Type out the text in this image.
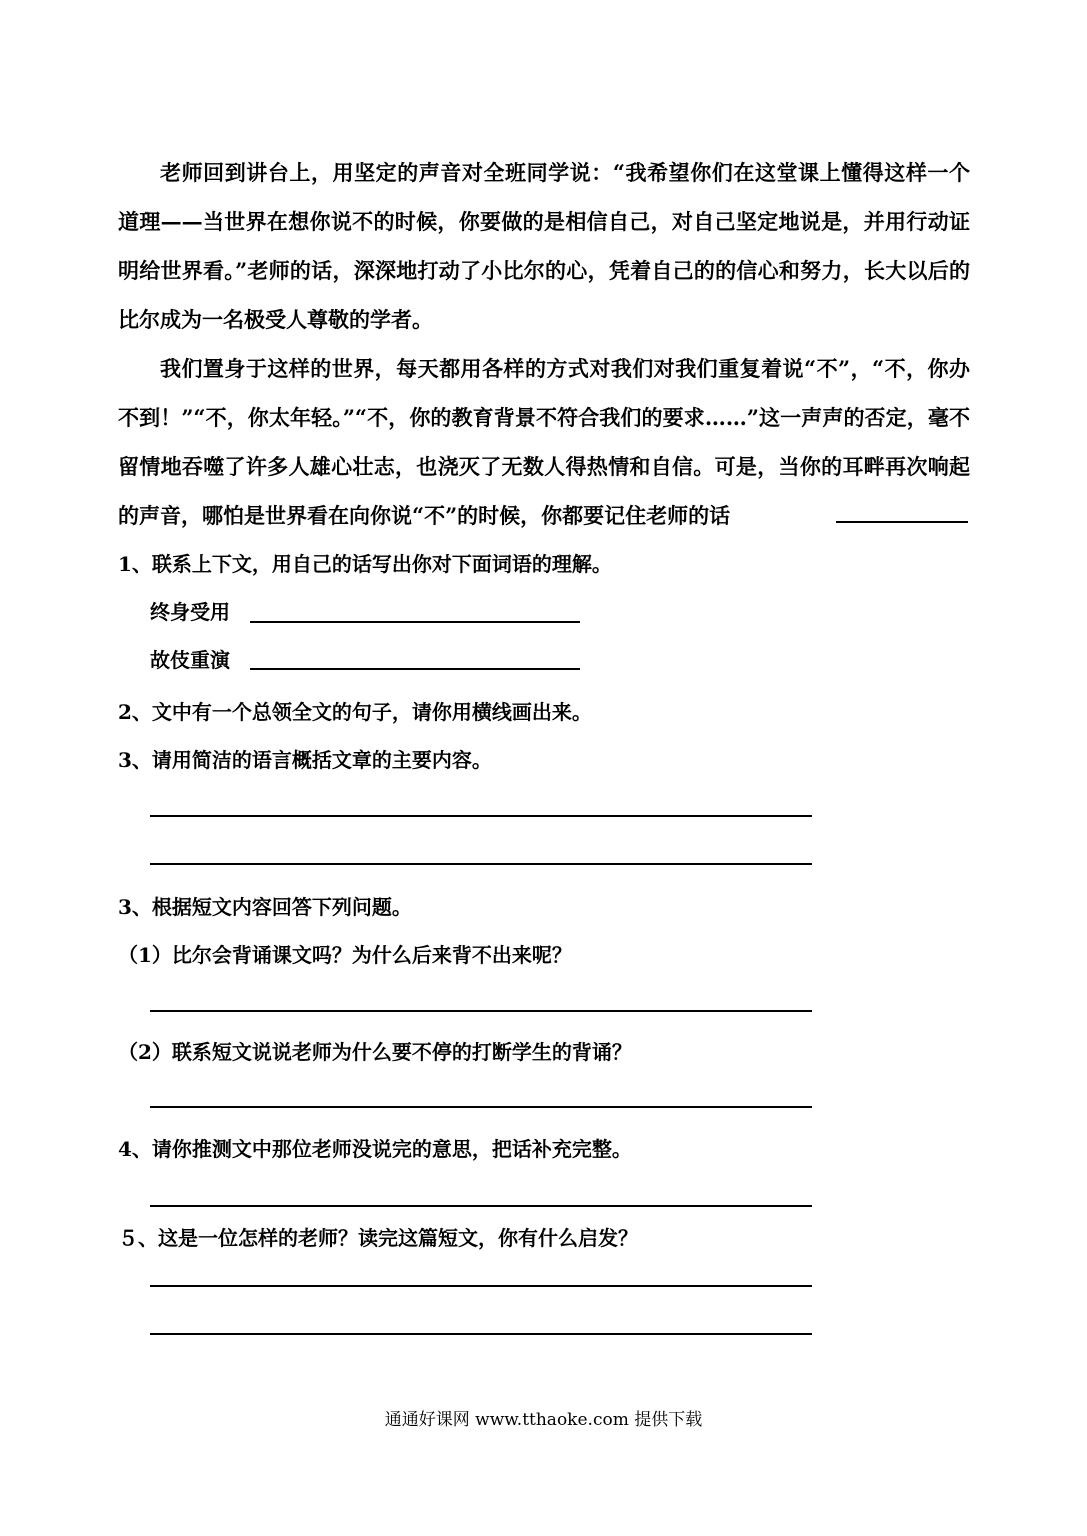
老师回到讲台上，用坚定的声音对全班同学说：“我希望你们在这堂课上懂得这样一个道理——当世界在想你说不的时候，你要做的是相信自己，对自己坚定地说是，并用行动证明给世界看。”老师的话，深深地打动了小比尔的心，凭着自己的的信心和努力，长大以后的比尔成为一名极受人尊敬的学者。

我们置身于这样的世界，每天都用各样的方式对我们对我们重复着说“不”，“不，你办不到！”“不，你太年轻。”“不，你的教育背景不符合我们的要求……”这一声声的否定，毫不留情地吞噬了许多人雄心壮志，也浇灭了无数人得热情和自信。可是，当你的耳畔再次响起的声音，哪怕是世界看在向你说“不”的时候，你都要记住老师的话

1、联系上下文，用自己的话写出你对下面词语的理解。

终身受用
故伎重演

2、文中有一个总领全文的句子，请你用横线画出来。

3、请用简洁的语言概括文章的主要内容。

3、根据短文内容回答下列问题。

（1）比尔会背诵课文吗？为什么后来背不出来呢？

（2）联系短文说说老师为什么要不停的打断学生的背诵？

4、请你推测文中那位老师没说完的意思，把话补充完整。

５、这是一位怎样的老师？读完这篇短文，你有什么启发？

通通好课网 www.tthaoke.com 提供下载
